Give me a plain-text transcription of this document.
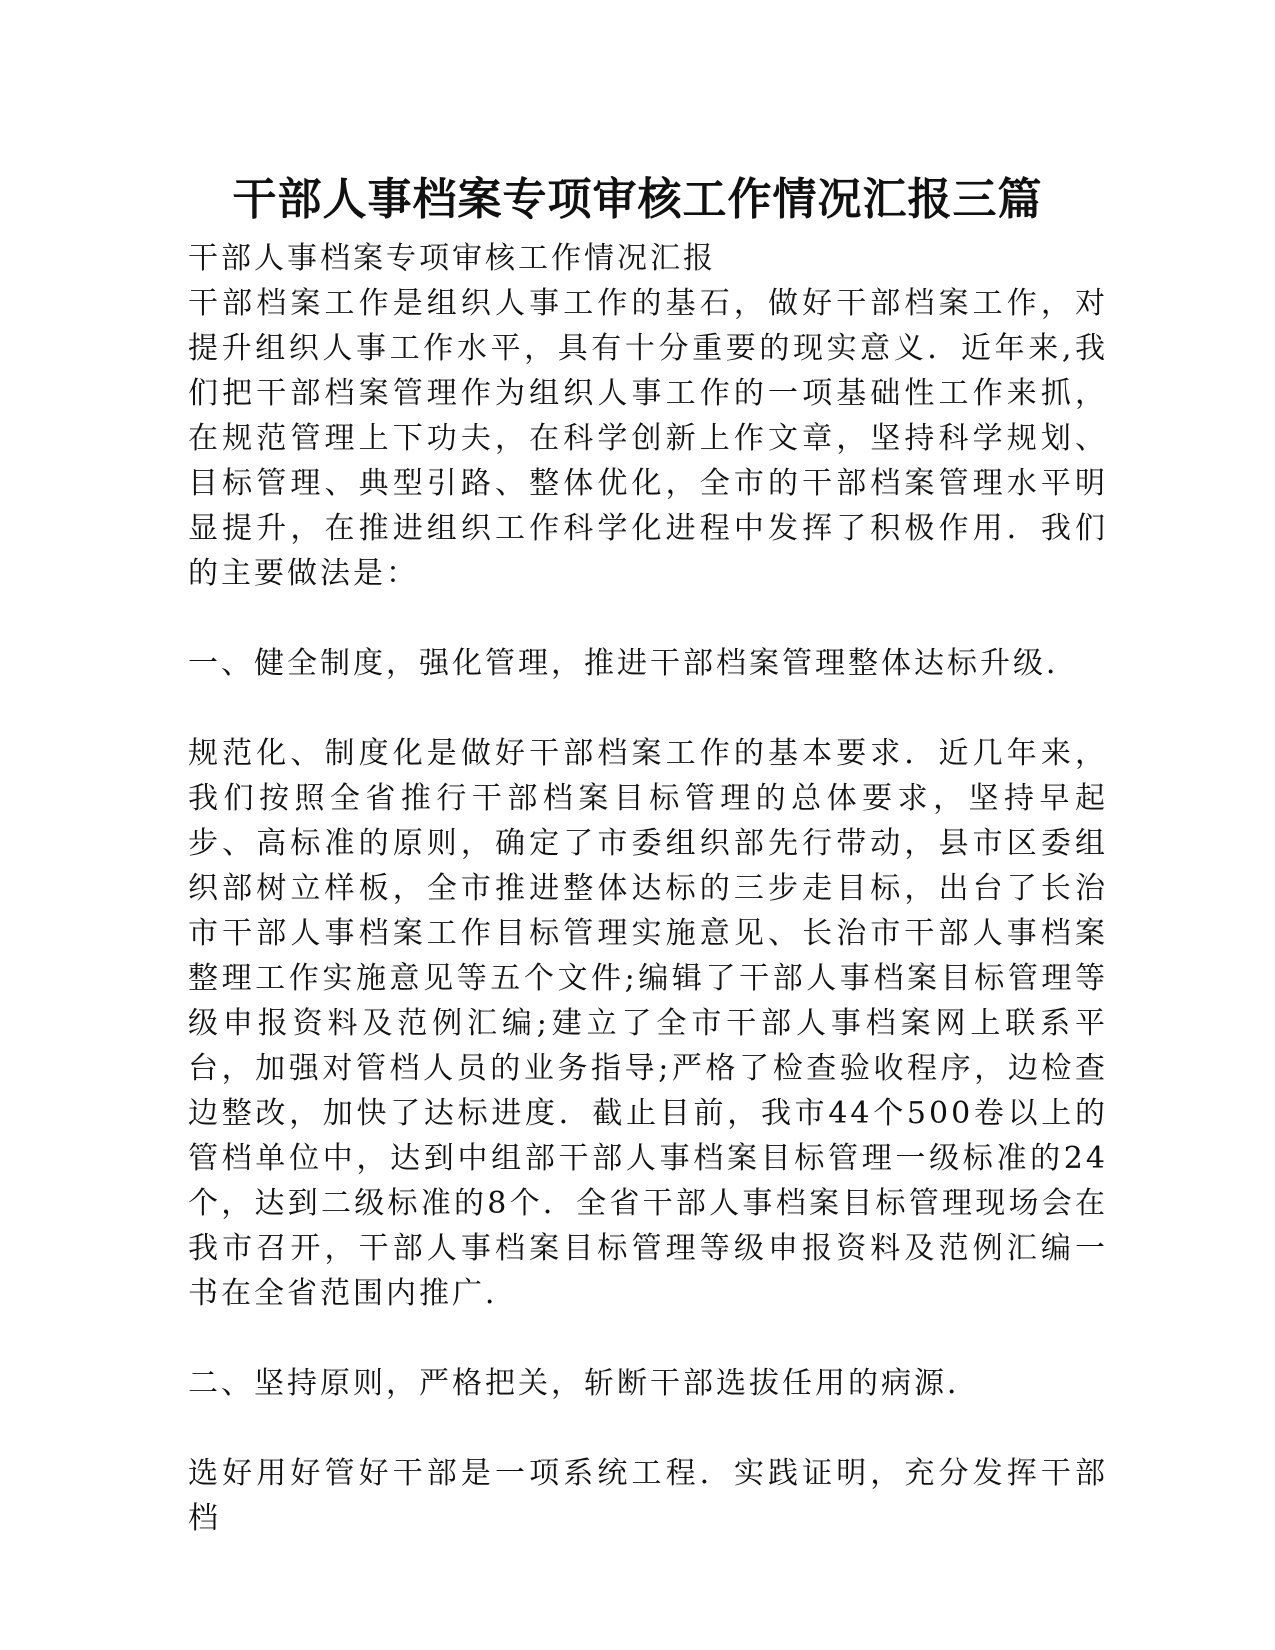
干部人事档案专项审核工作情况汇报三篇

干部人事档案专项审核工作情况汇报

干部档案工作是组织人事工作的基石，做好干部档案工作，对提升组织人事工作水平，具有十分重要的现实意义．近年来,我们把干部档案管理作为组织人事工作的一项基础性工作来抓，在规范管理上下功夫，在科学创新上作文章，坚持科学规划、目标管理、典型引路、整体优化，全市的干部档案管理水平明显提升，在推进组织工作科学化进程中发挥了积极作用．我们的主要做法是：

一、健全制度，强化管理，推进干部档案管理整体达标升级．

规范化、制度化是做好干部档案工作的基本要求．近几年来，我们按照全省推行干部档案目标管理的总体要求，坚持早起步、高标准的原则，确定了市委组织部先行带动，县市区委组织部树立样板，全市推进整体达标的三步走目标，出台了长治市干部人事档案工作目标管理实施意见、长治市干部人事档案整理工作实施意见等五个文件;编辑了干部人事档案目标管理等级申报资料及范例汇编;建立了全市干部人事档案网上联系平台，加强对管档人员的业务指导;严格了检查验收程序，边检查边整改，加快了达标进度．截止目前，我市44个500卷以上的管档单位中，达到中组部干部人事档案目标管理一级标准的24个，达到二级标准的8个．全省干部人事档案目标管理现场会在我市召开，干部人事档案目标管理等级申报资料及范例汇编一书在全省范围内推广．

二、坚持原则，严格把关，斩断干部选拔任用的病源．

选好用好管好干部是一项系统工程．实践证明，充分发挥干部档
